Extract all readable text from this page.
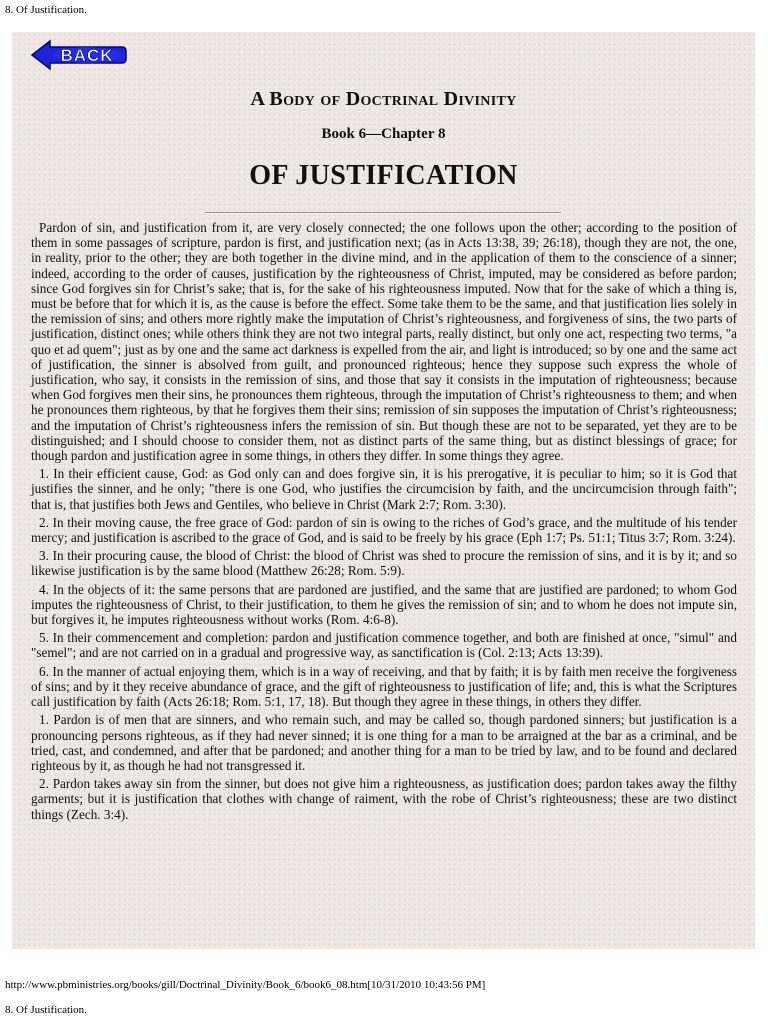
8. Of Justification.
BACK
A Body of Doctrinal Divinity
Book 6—Chapter 8
OF JUSTIFICATION

Pardon of sin, and justification from it, are very closely connected; the one follows upon the other; according to the position of them in some passages of scripture, pardon is first, and justification next; (as in Acts 13:38, 39; 26:18), though they are not, the one, in reality, prior to the other; they are both together in the divine mind, and in the application of them to the conscience of a sinner; indeed, according to the order of causes, justification by the righteousness of Christ, imputed, may be considered as before pardon; since God forgives sin for Christ’s sake; that is, for the sake of his righteousness imputed. Now that for the sake of which a thing is, must be before that for which it is, as the cause is before the effect. Some take them to be the same, and that justification lies solely in the remission of sins; and others more rightly make the imputation of Christ’s righteousness, and forgiveness of sins, the two parts of justification, distinct ones; while others think they are not two integral parts, really distinct, but only one act, respecting two terms, "a quo et ad quem"; just as by one and the same act darkness is expelled from the air, and light is introduced; so by one and the same act of justification, the sinner is absolved from guilt, and pronounced righteous; hence they suppose such express the whole of justification, who say, it consists in the remission of sins, and those that say it consists in the imputation of righteousness; because when God forgives men their sins, he pronounces them righteous, through the imputation of Christ’s righteousness to them; and when he pronounces them righteous, by that he forgives them their sins; remission of sin supposes the imputation of Christ’s righteousness; and the imputation of Christ’s righteousness infers the remission of sin. But though these are not to be separated, yet they are to be distinguished; and I should choose to consider them, not as distinct parts of the same thing, but as distinct blessings of grace; for though pardon and justification agree in some things, in others they differ. In some things they agree.

1. In their efficient cause, God: as God only can and does forgive sin, it is his prerogative, it is peculiar to him; so it is God that justifies the sinner, and he only; "there is one God, who justifies the circumcision by faith, and the uncircumcision through faith"; that is, that justifies both Jews and Gentiles, who believe in Christ (Mark 2:7; Rom. 3:30).

2. In their moving cause, the free grace of God: pardon of sin is owing to the riches of God’s grace, and the multitude of his tender mercy; and justification is ascribed to the grace of God, and is said to be freely by his grace (Eph 1:7; Ps. 51:1; Titus 3:7; Rom. 3:24).

3. In their procuring cause, the blood of Christ: the blood of Christ was shed to procure the remission of sins, and it is by it; and so likewise justification is by the same blood (Matthew 26:28; Rom. 5:9).

4. In the objects of it: the same persons that are pardoned are justified, and the same that are justified are pardoned; to whom God imputes the righteousness of Christ, to their justification, to them he gives the remission of sin; and to whom he does not impute sin, but forgives it, he imputes righteousness without works (Rom. 4:6-8).

5. In their commencement and completion: pardon and justification commence together, and both are finished at once, "simul" and "semel"; and are not carried on in a gradual and progressive way, as sanctification is (Col. 2:13; Acts 13:39).

6. In the manner of actual enjoying them, which is in a way of receiving, and that by faith; it is by faith men receive the forgiveness of sins; and by it they receive abundance of grace, and the gift of righteousness to justification of life; and, this is what the Scriptures call justification by faith (Acts 26:18; Rom. 5:1, 17, 18). But though they agree in these things, in others they differ.

1. Pardon is of men that are sinners, and who remain such, and may be called so, though pardoned sinners; but justification is a pronouncing persons righteous, as if they had never sinned; it is one thing for a man to be arraigned at the bar as a criminal, and be tried, cast, and condemned, and after that be pardoned; and another thing for a man to be tried by law, and to be found and declared righteous by it, as though he had not transgressed it.

2. Pardon takes away sin from the sinner, but does not give him a righteousness, as justification does; pardon takes away the filthy garments; but it is justification that clothes with change of raiment, with the robe of Christ’s righteousness; these are two distinct things (Zech. 3:4).

http://www.pbministries.org/books/gill/Doctrinal_Divinity/Book_6/book6_08.htm[10/31/2010 10:43:56 PM]
8. Of Justification.
